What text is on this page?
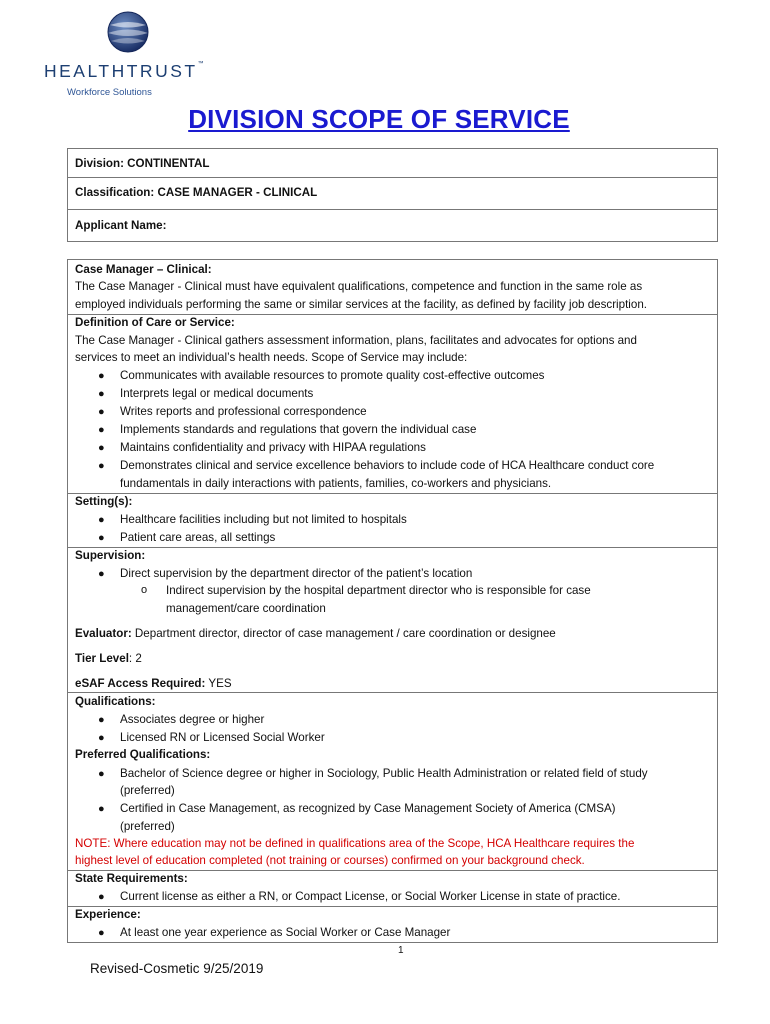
HEALTHTRUST™
Workforce Solutions
DIVISION SCOPE OF SERVICE
Division: CONTINENTAL
Classification: CASE MANAGER - CLINICAL
Applicant Name:
Case Manager – Clinical:
The Case Manager - Clinical must have equivalent qualifications, competence and function in the same role as
employed individuals performing the same or similar services at the facility, as defined by facility job description.
Definition of Care or Service:
The Case Manager - Clinical gathers assessment information, plans, facilitates and advocates for options and
services to meet an individual’s health needs. Scope of Service may include:
● Communicates with available resources to promote quality cost-effective outcomes
● Interprets legal or medical documents
● Writes reports and professional correspondence
● Implements standards and regulations that govern the individual case
● Maintains confidentiality and privacy with HIPAA regulations
● Demonstrates clinical and service excellence behaviors to include code of HCA Healthcare conduct core
fundamentals in daily interactions with patients, families, co-workers and physicians.
Setting(s):
● Healthcare facilities including but not limited to hospitals
● Patient care areas, all settings
Supervision:
● Direct supervision by the department director of the patient’s location
o Indirect supervision by the hospital department director who is responsible for case
management/care coordination
Evaluator: Department director, director of case management / care coordination or designee
Tier Level: 2
eSAF Access Required: YES
Qualifications:
● Associates degree or higher
● Licensed RN or Licensed Social Worker
Preferred Qualifications:
● Bachelor of Science degree or higher in Sociology, Public Health Administration or related field of study
(preferred)
● Certified in Case Management, as recognized by Case Management Society of America (CMSA)
(preferred)
NOTE: Where education may not be defined in qualifications area of the Scope, HCA Healthcare requires the
highest level of education completed (not training or courses) confirmed on your background check.
State Requirements:
● Current license as either a RN, or Compact License, or Social Worker License in state of practice.
Experience:
● At least one year experience as Social Worker or Case Manager
1
Revised-Cosmetic 9/25/2019
